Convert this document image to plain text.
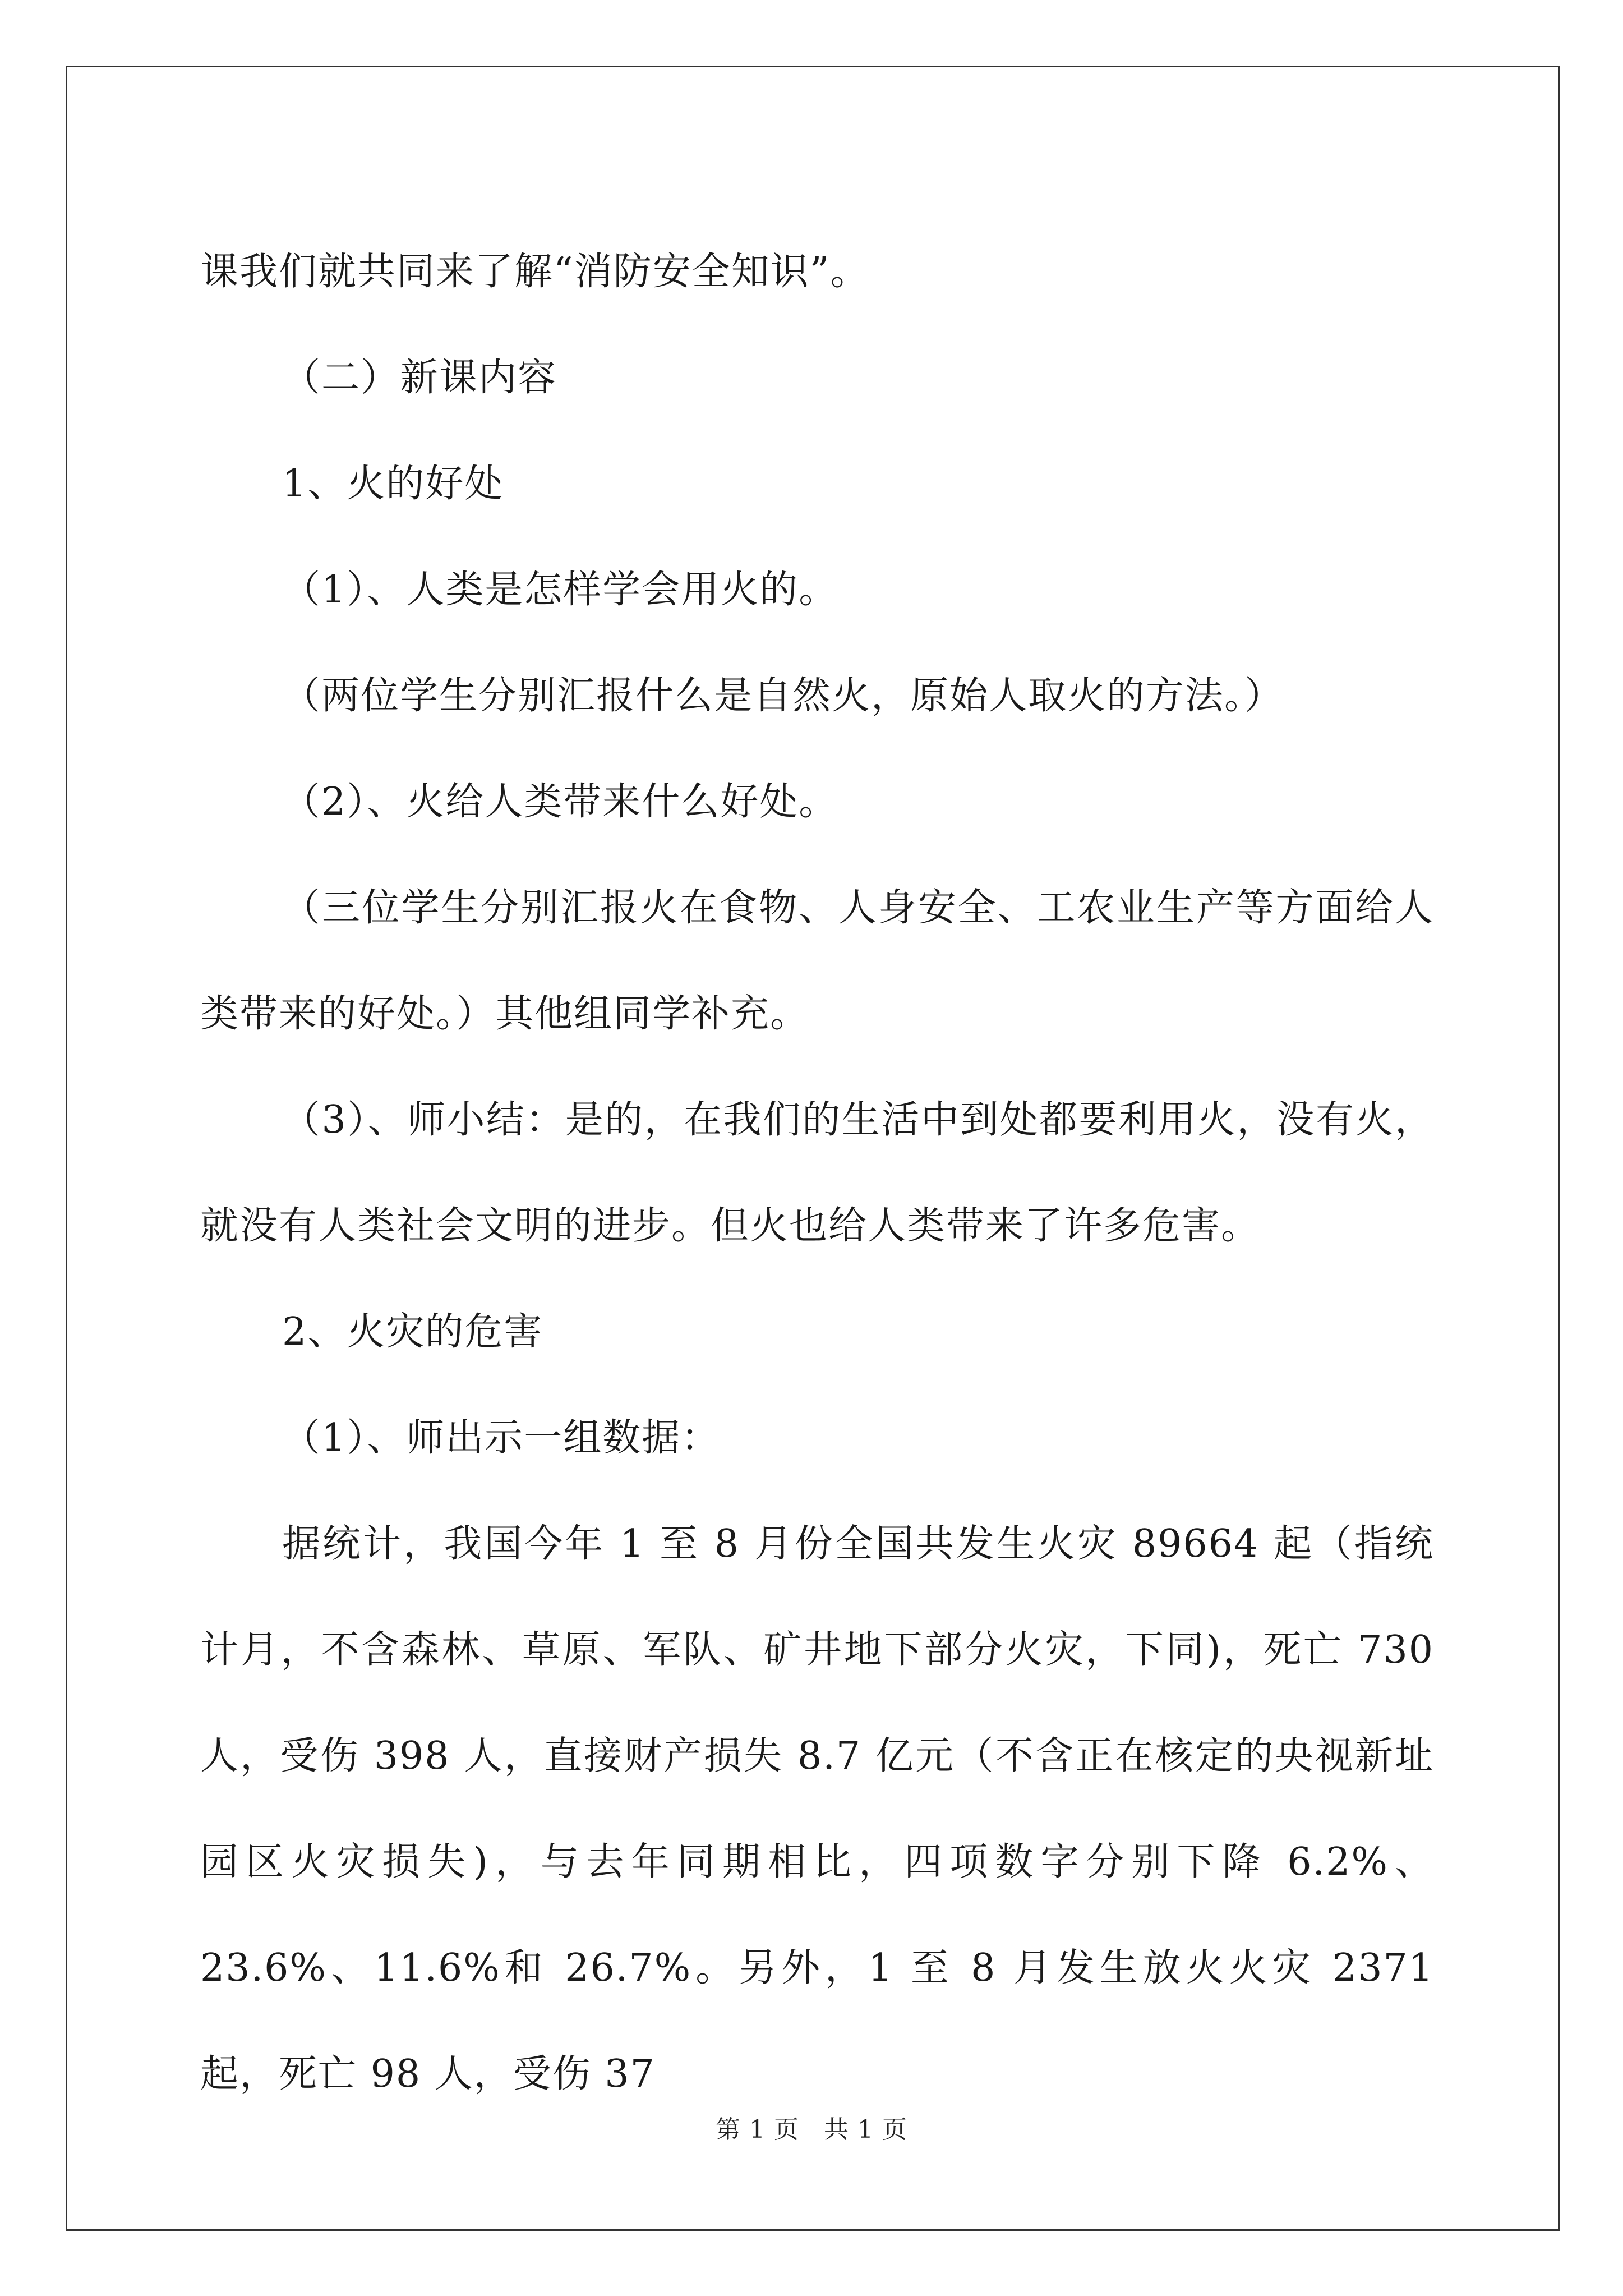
课我们就共同来了解“消防安全知识”。

（二）新课内容

1、火的好处

（1）、人类是怎样学会用火的。

（两位学生分别汇报什么是自然火，原始人取火的方法。）

（2）、火给人类带来什么好处。

（三位学生分别汇报火在食物、人身安全、工农业生产等方面给人类带来的好处。）其他组同学补充。

（3）、师小结：是的，在我们的生活中到处都要利用火，没有火，就没有人类社会文明的进步。但火也给人类带来了许多危害。

2、火灾的危害

（1）、师出示一组数据：

据统计，我国今年 1 至 8 月份全国共发生火灾 89664 起（指统计月，不含森林、草原、军队、矿井地下部分火灾，下同)，死亡 730 人，受伤 398 人，直接财产损失 8.7 亿元（不含正在核定的央视新址园区火灾损失)，与去年同期相比，四项数字分别下降 6.2%、23.6%、11.6%和 26.7%。另外，1 至 8 月发生放火火灾 2371 起，死亡 98 人，受伤 37

第 1 页 共 1 页
